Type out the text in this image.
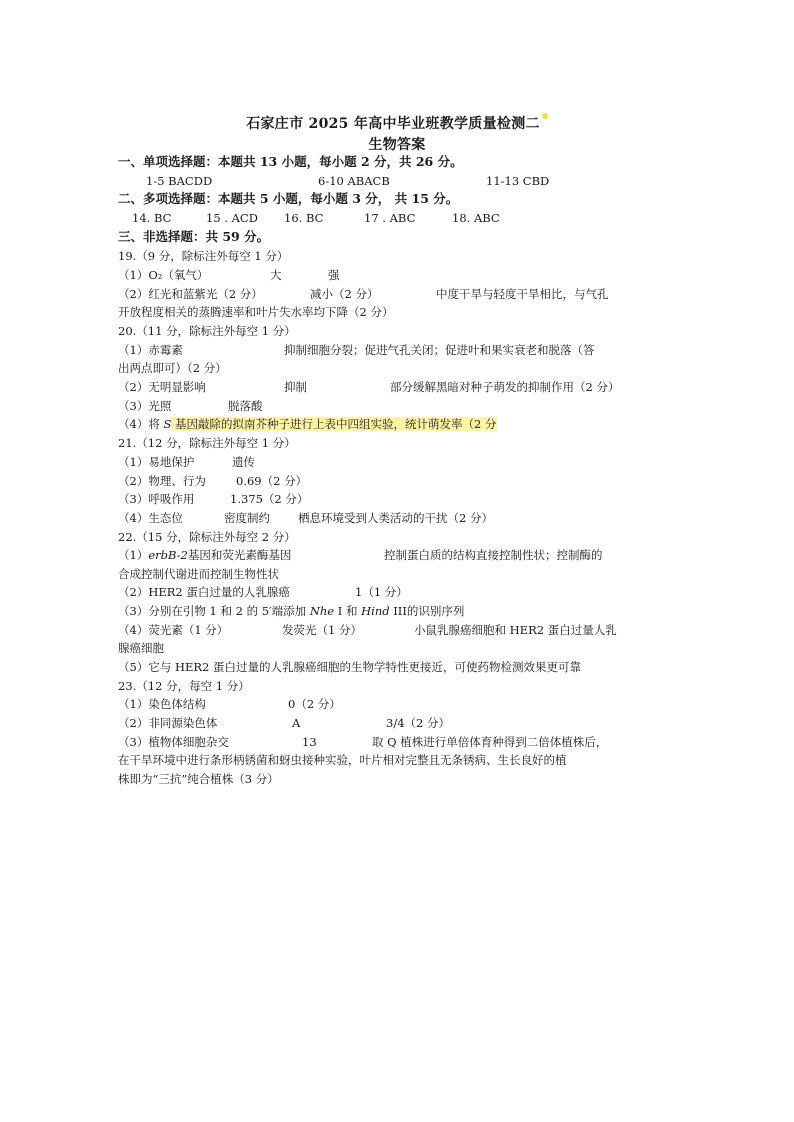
石家庄市 2025 年高中毕业班教学质量检测二
生物答案
一、单项选择题：本题共 13 小题，每小题 2 分，共 26 分。
1-5 BACDD	6-10 ABACB	11-13 CBD
二、多项选择题：本题共 5 小题，每小题 3 分， 共 15 分。
14. BC	15 . ACD 16. BC	17 . ABC	18. ABC
三、非选择题：共 59 分。
19.（9 分，除标注外每空 1 分）
（1）O₂（氧气）	大	强
（2）红光和蓝紫光（2 分）	减小（2 分）	中度干旱与轻度干旱相比，与气孔
开放程度相关的蒸腾速率和叶片失水率均下降（2 分）
20.（11 分，除标注外每空 1 分）
（1）赤霉素	抑制细胞分裂；促进气孔关闭；促进叶和果实衰老和脱落（答
出两点即可）（2 分）
（2）无明显影响	抑制	部分缓解黑暗对种子萌发的抑制作用（2 分）
（3）光照	脱落酸
（4）将 S 基因敲除的拟南芥种子进行上表中四组实验，统计萌发率（2 分
21.（12 分，除标注外每空 1 分）
（1）易地保护	遗传
（2）物理、行为	0.69（2 分）
（3）呼吸作用	1.375（2 分）
（4）生态位	密度制约 栖息环境受到人类活动的干扰（2 分）
22.（15 分，除标注外每空 2 分）
（1）erbB-2基因和荧光素酶基因	控制蛋白质的结构直接控制性状；控制酶的
合成控制代谢进而控制生物性状
（2）HER2 蛋白过量的人乳腺癌	1（1 分）
（3）分别在引物 1 和 2 的 5′端添加 Nhe I 和 Hind III的识别序列
（4）荧光素（1 分）	发荧光（1 分）	小鼠乳腺癌细胞和 HER2 蛋白过量人乳
腺癌细胞
（5）它与 HER2 蛋白过量的人乳腺癌细胞的生物学特性更接近，可使药物检测效果更可靠
23.（12 分，每空 1 分）
（1）染色体结构	0（2 分）
（2）非同源染色体	A	3/4（2 分）
（3）植物体细胞杂交	13	取 Q 植株进行单倍体育种得到二倍体植株后，
在干旱环境中进行条形柄锈菌和蚜虫接种实验，叶片相对完整且无条锈病、生长良好的植
株即为“三抗”纯合植株（3 分）
